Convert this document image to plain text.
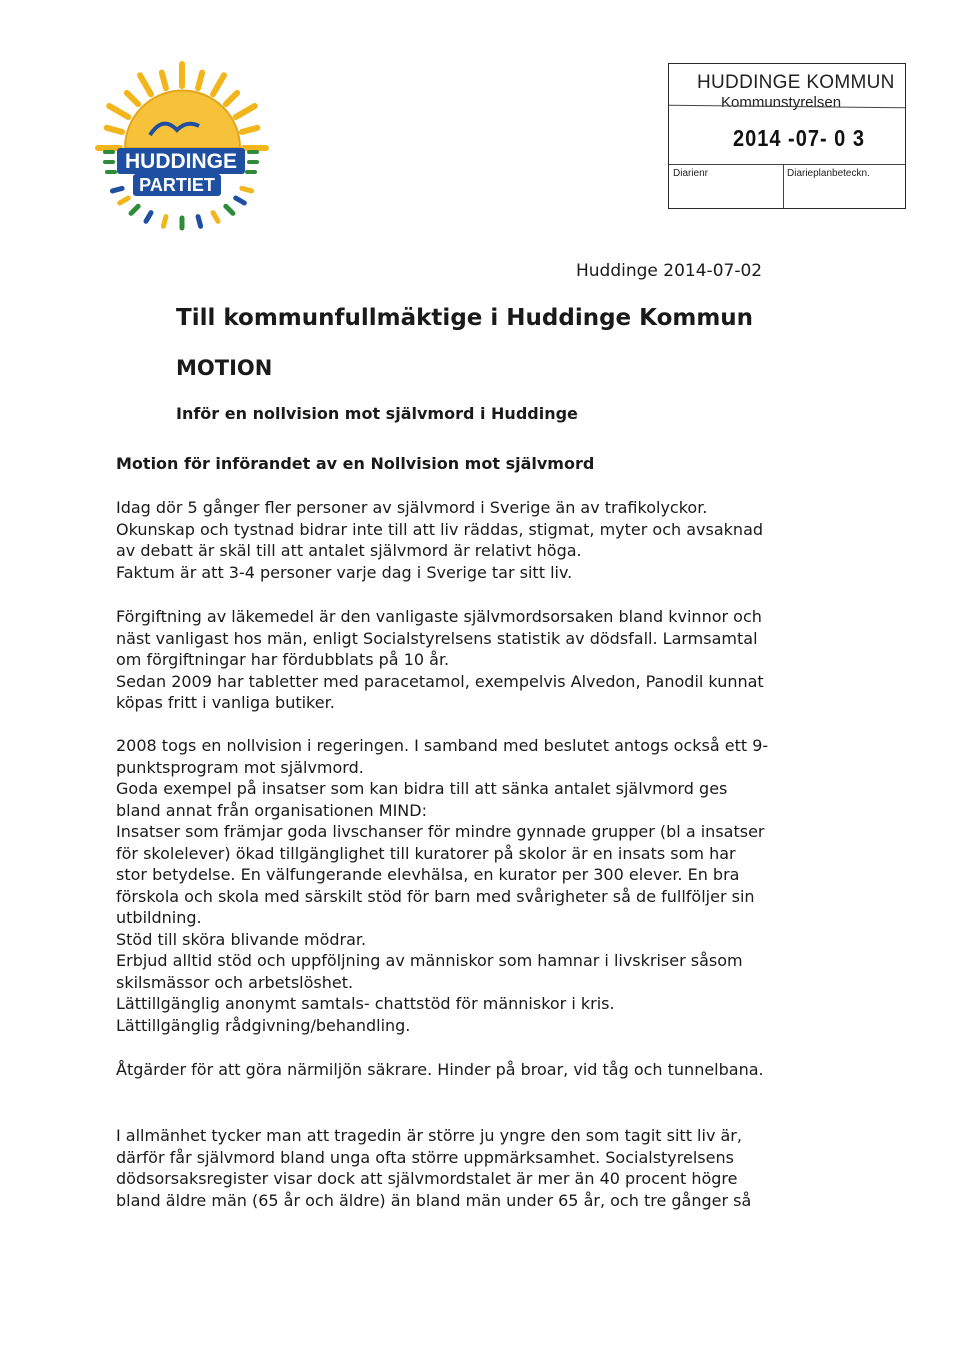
HUDDINGE
PARTIET
HUDDINGE KOMMUN
Kommunstyrelsen
2014 -07- 0 3
Diarienr	Diarieplanbeteckn.
Huddinge 2014-07-02
Till kommunfullmäktige i Huddinge Kommun
MOTION
Inför en nollvision mot självmord i Huddinge
Motion för införandet av en Nollvision mot självmord
Idag dör 5 gånger fler personer av självmord i Sverige än av trafikolyckor.
Okunskap och tystnad bidrar inte till att liv räddas, stigmat, myter och avsaknad
av debatt är skäl till att antalet självmord är relativt höga.
Faktum är att 3-4 personer varje dag i Sverige tar sitt liv.
Förgiftning av läkemedel är den vanligaste självmordsorsaken bland kvinnor och
näst vanligast hos män, enligt Socialstyrelsens statistik av dödsfall. Larmsamtal
om förgiftningar har fördubblats på 10 år.
Sedan 2009 har tabletter med paracetamol, exempelvis Alvedon, Panodil kunnat
köpas fritt i vanliga butiker.
2008 togs en nollvision i regeringen. I samband med beslutet antogs också ett 9-
punktsprogram mot självmord.
Goda exempel på insatser som kan bidra till att sänka antalet självmord ges
bland annat från organisationen MIND:
Insatser som främjar goda livschanser för mindre gynnade grupper (bl a insatser
för skolelever) ökad tillgänglighet till kuratorer på skolor är en insats som har
stor betydelse. En välfungerande elevhälsa, en kurator per 300 elever. En bra
förskola och skola med särskilt stöd för barn med svårigheter så de fullföljer sin
utbildning.
Stöd till sköra blivande mödrar.
Erbjud alltid stöd och uppföljning av människor som hamnar i livskriser såsom
skilsmässor och arbetslöshet.
Lättillgänglig anonymt samtals- chattstöd för människor i kris.
Lättillgänglig rådgivning/behandling.
Åtgärder för att göra närmiljön säkrare. Hinder på broar, vid tåg och tunnelbana.
I allmänhet tycker man att tragedin är större ju yngre den som tagit sitt liv är,
därför får självmord bland unga ofta större uppmärksamhet. Socialstyrelsens
dödsorsaksregister visar dock att självmordstalet är mer än 40 procent högre
bland äldre män (65 år och äldre) än bland män under 65 år, och tre gånger så
